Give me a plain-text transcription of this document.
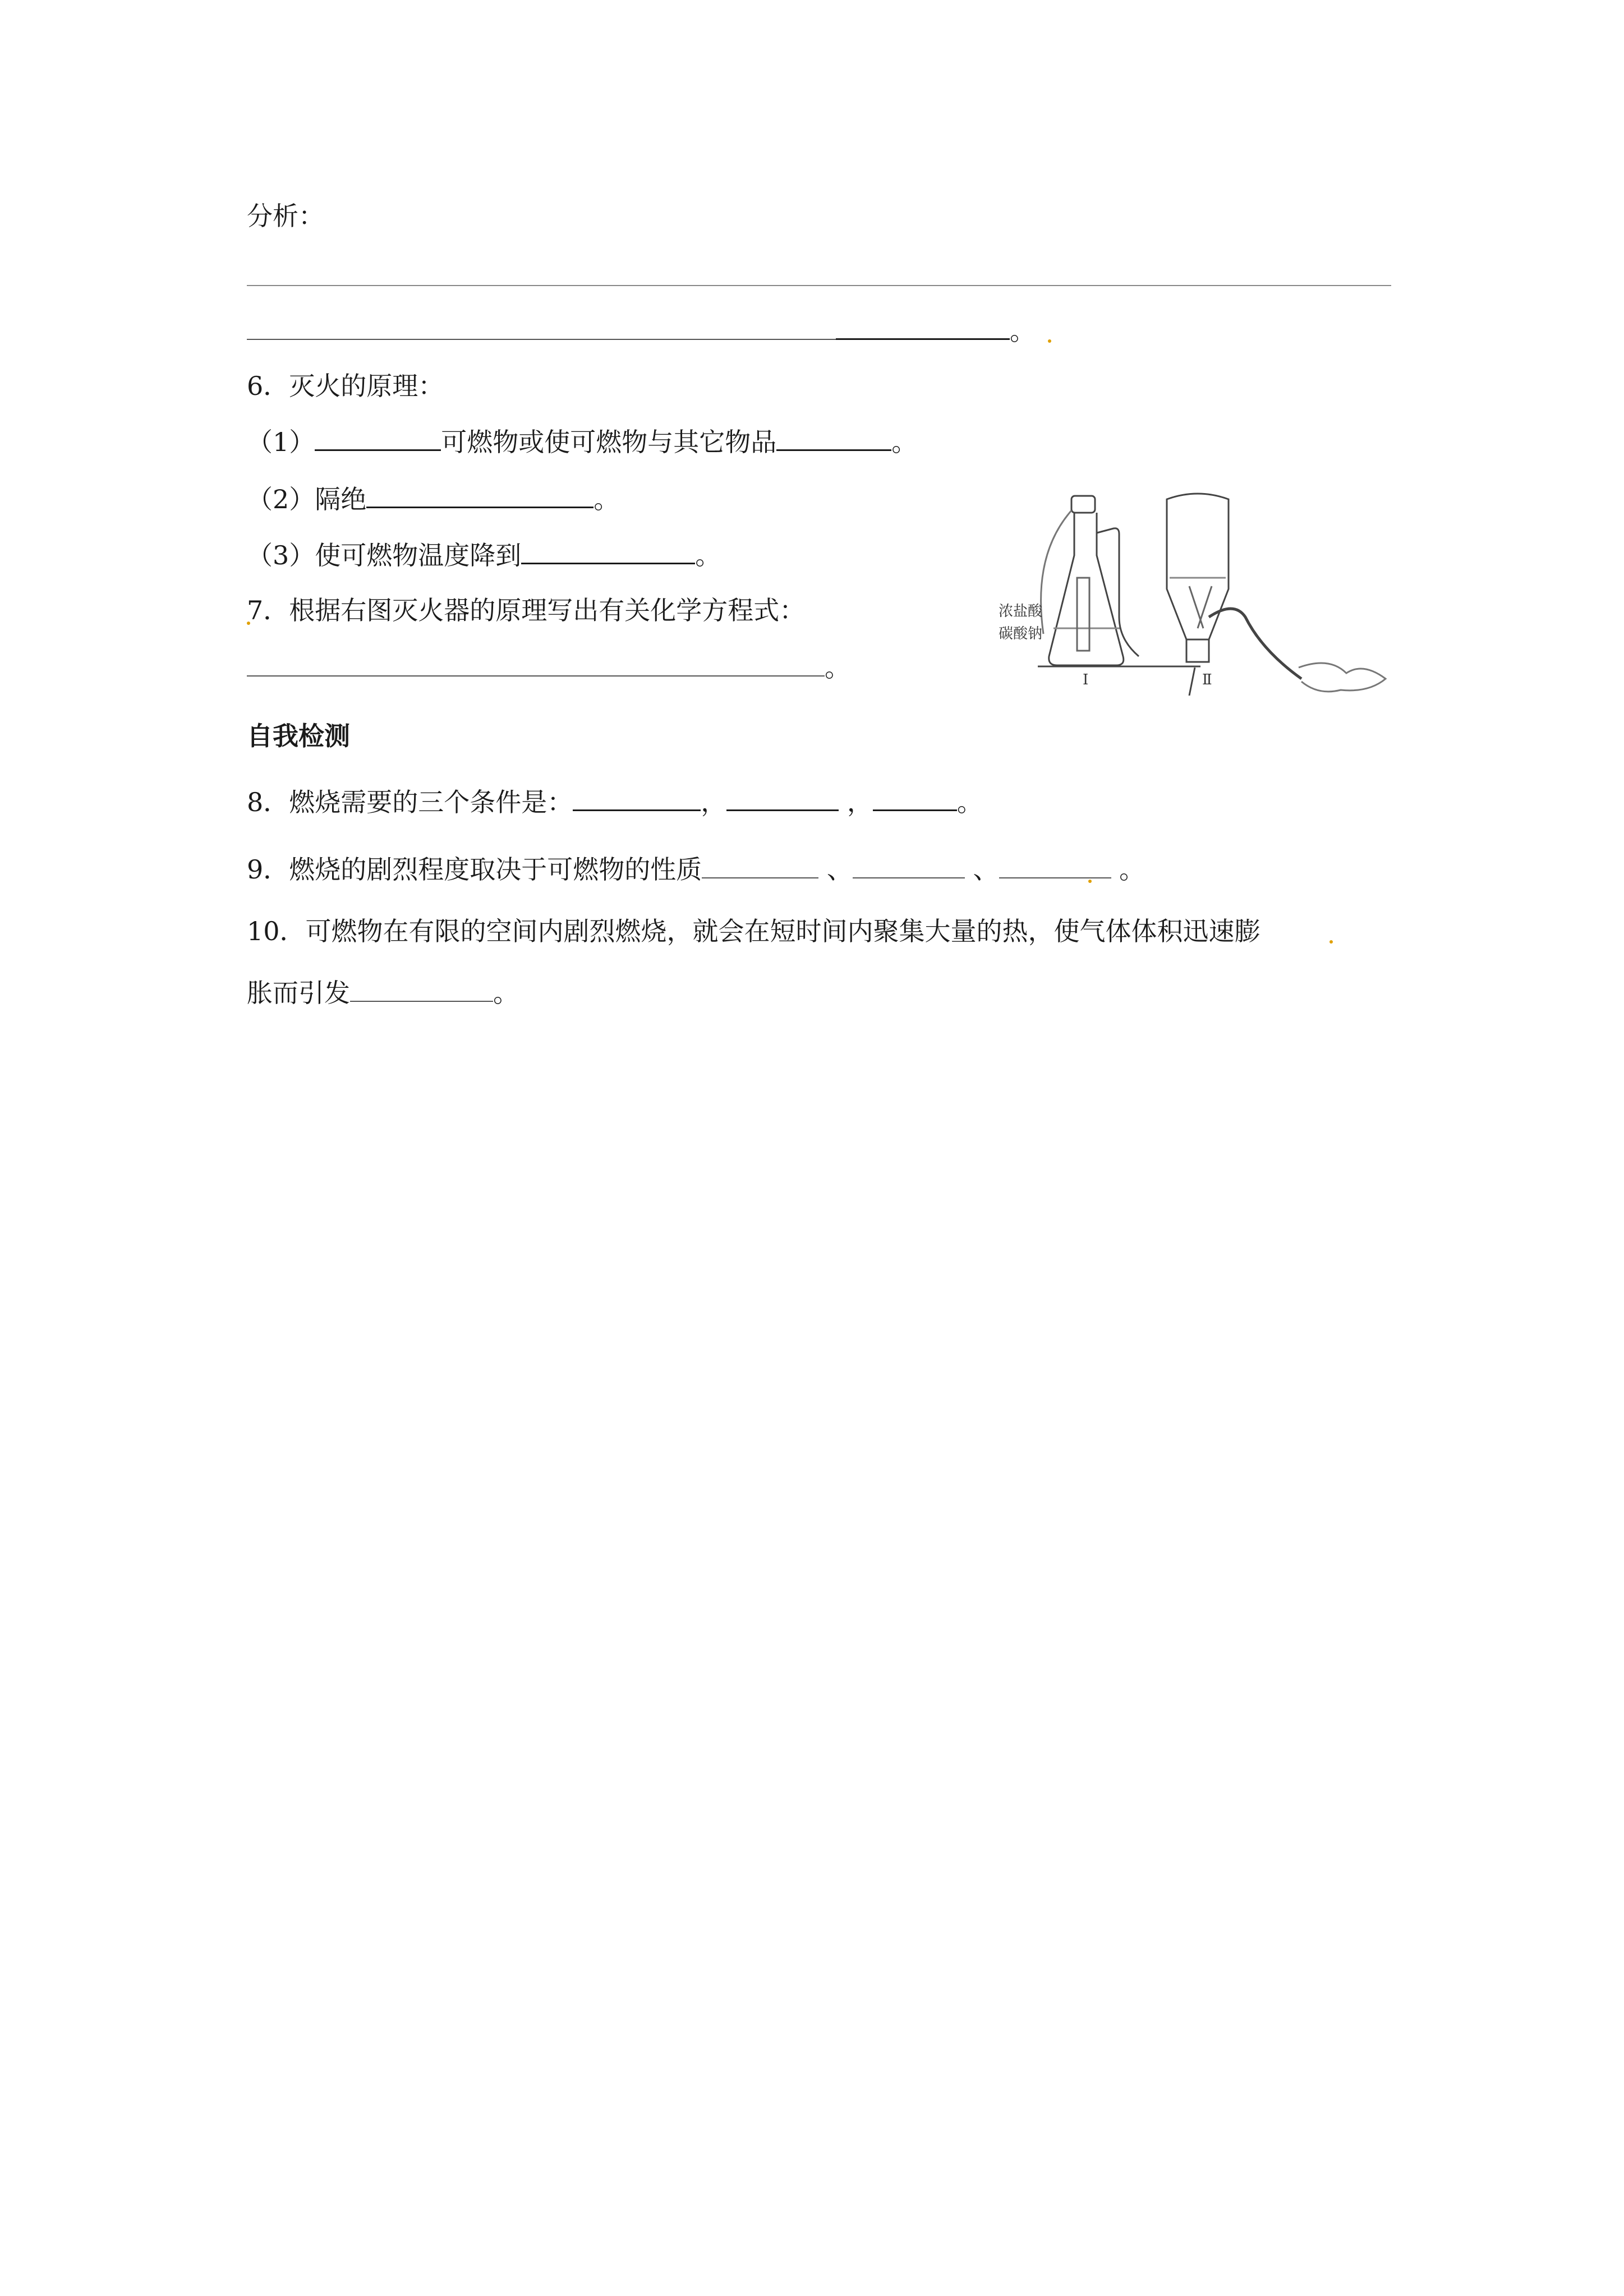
分析：
。
6．灭火的原理：
（1）	可燃物或使可燃物与其它物品	。
（2）隔绝	。
（3）使可燃物温度降到	。
7．根据右图灭火器的原理写出有关化学方程式：
。
浓盐酸
碳酸钠
Ⅰ	Ⅱ
自我检测
8．燃烧需要的三个条件是：	，	，	。
9．燃烧的剧烈程度取决于可燃物的性质	、	、	。
10．可燃物在有限的空间内剧烈燃烧，就会在短时间内聚集大量的热，使气体体积迅速膨
胀而引发	。
